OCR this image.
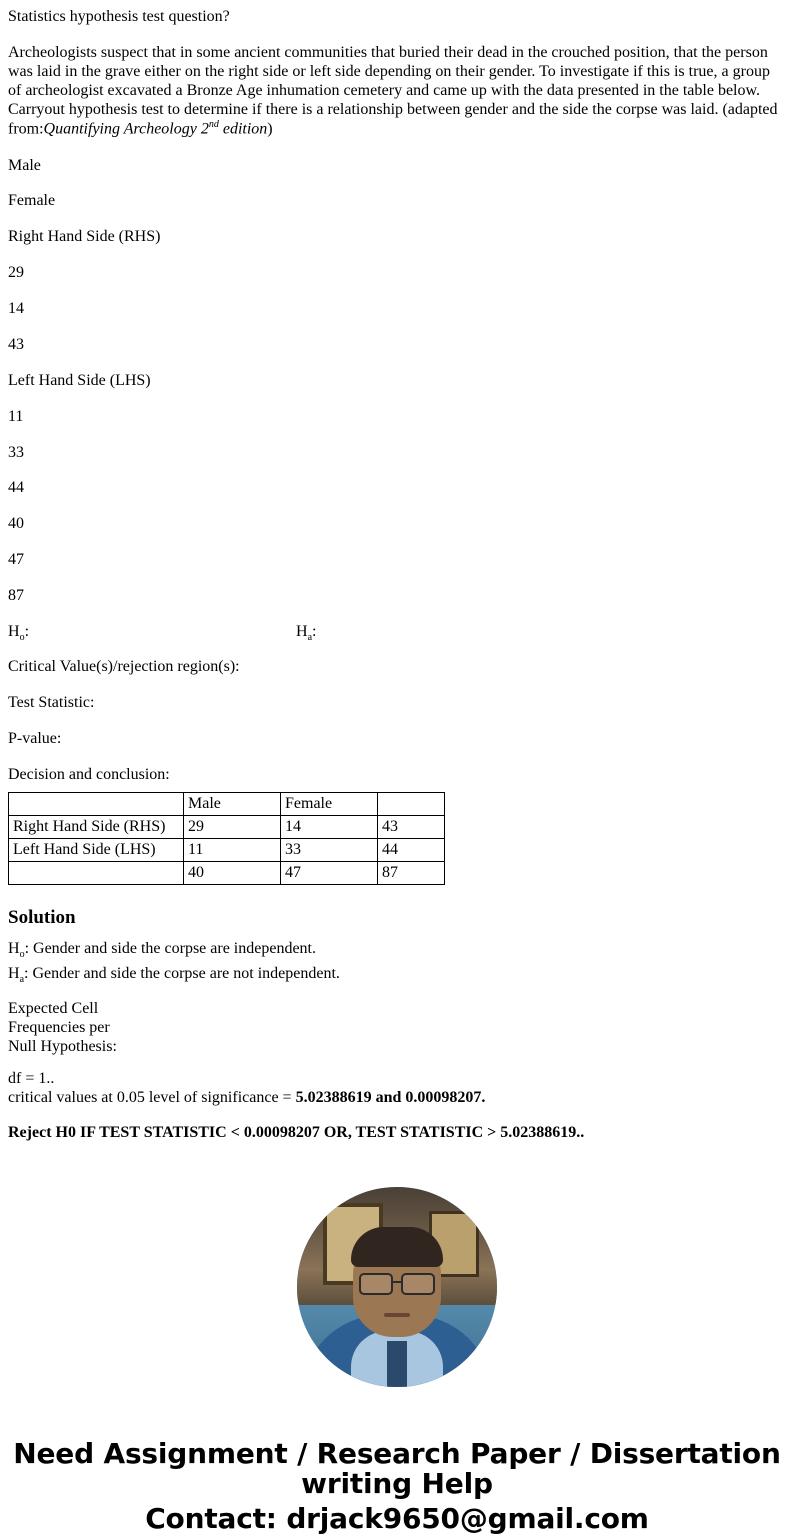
Statistics hypothesis test question?

Archeologists suspect that in some ancient communities that buried their dead in the crouched position, that the person was laid in the grave either on the right side or left side depending on their gender. To investigate if this is true, a group of archeologist excavated a Bronze Age inhumation cemetery and came up with the data presented in the table below. Carryout hypothesis test to determine if there is a relationship between gender and the side the corpse was laid. (adapted from:Quantifying Archeology 2nd edition)

Male

Female

Right Hand Side (RHS)

29

14

43

Left Hand Side (LHS)

11

33

44

40

47

87

$H_o$:	$H_a$:

Critical Value(s)/rejection region(s):

Test Statistic:

P-value:

Decision and conclusion:

	Male	Female	
Right Hand Side (RHS)	29	14	43
Left Hand Side (LHS)	11	33	44
	40	47	87
Solution

$H_o$: Gender and side the corpse are independent.

$H_a$: Gender and side the corpse are not independent.

Expected Cell
Frequencies per
Null Hypothesis:
df = 1..
critical values at 0.05 level of significance = 5.02388619 and 0.00098207.

Reject H0 IF TEST STATISTIC < 0.00098207 OR, TEST STATISTIC > 5.02388619..

Need Assignment / Research Paper / Dissertation
writing Help
Contact: drjack9650@gmail.com
